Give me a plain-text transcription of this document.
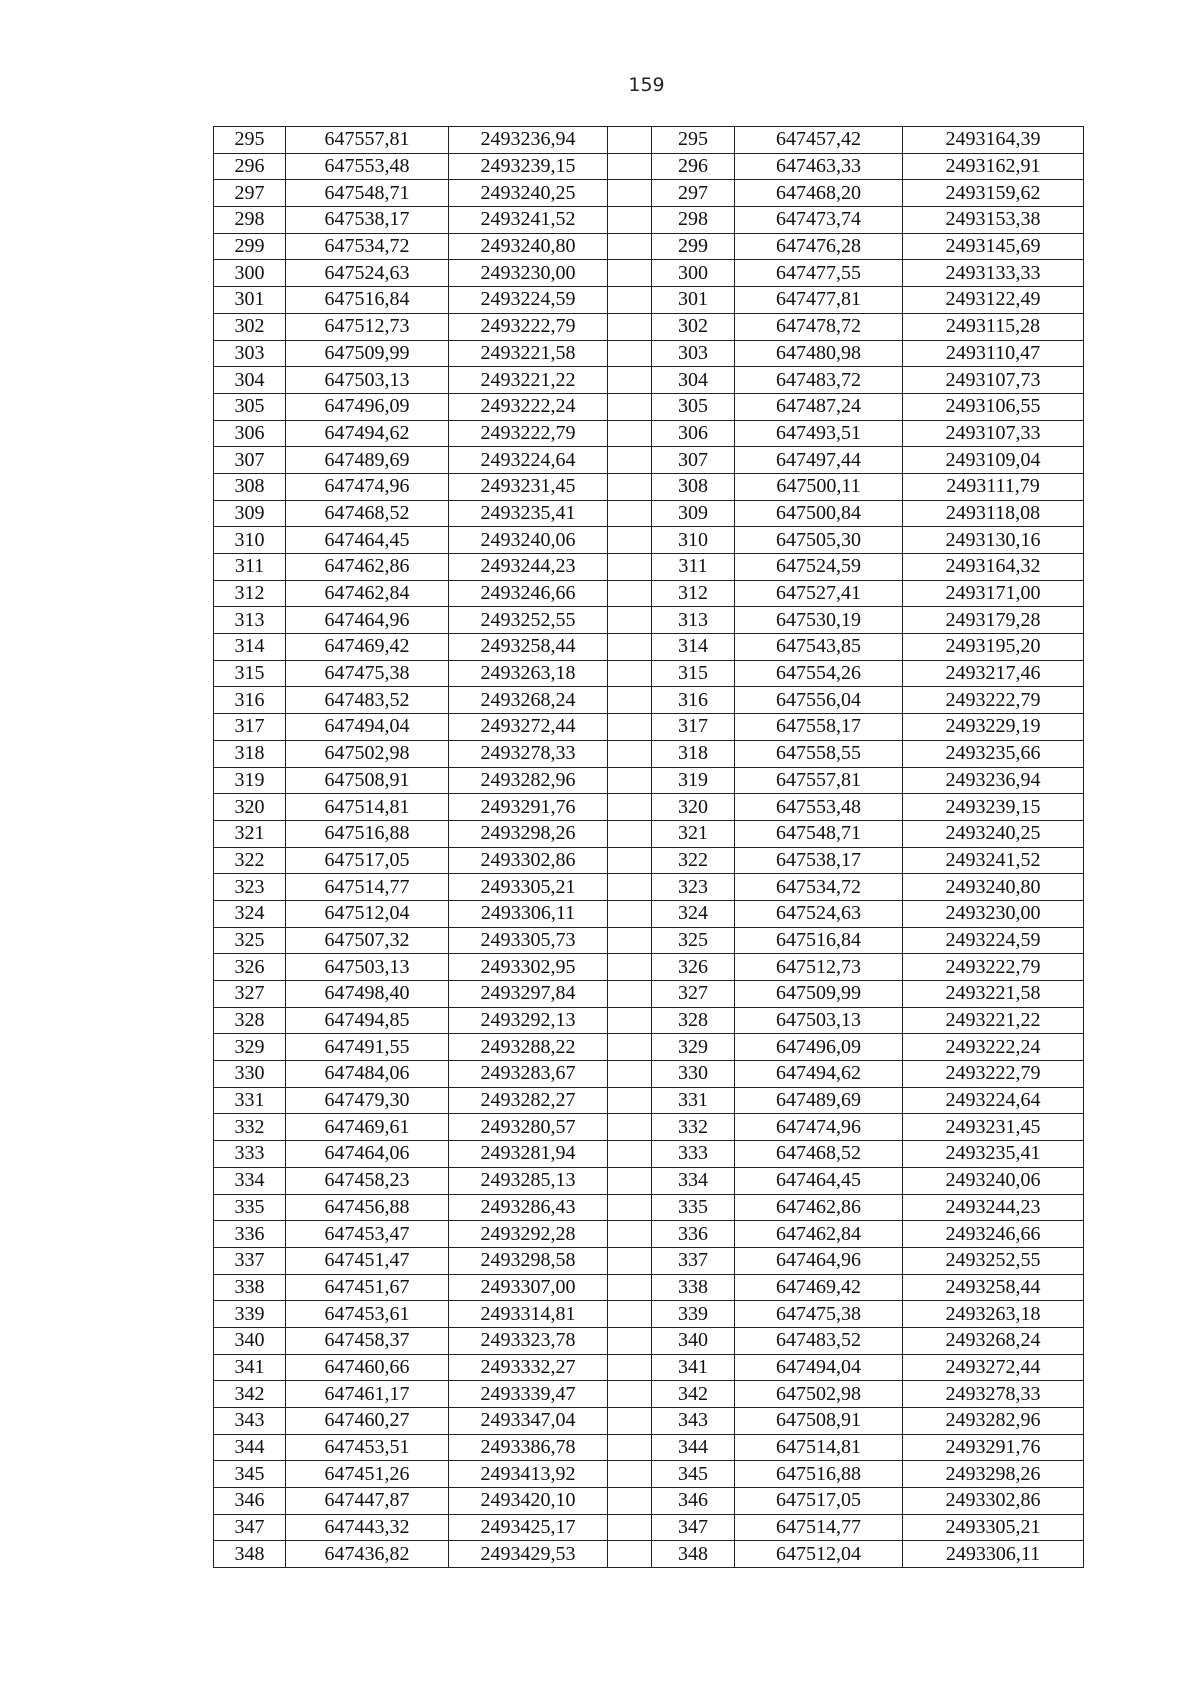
159
295	647557,81	2493236,94		295	647457,42	2493164,39
296	647553,48	2493239,15		296	647463,33	2493162,91
297	647548,71	2493240,25		297	647468,20	2493159,62
298	647538,17	2493241,52		298	647473,74	2493153,38
299	647534,72	2493240,80		299	647476,28	2493145,69
300	647524,63	2493230,00		300	647477,55	2493133,33
301	647516,84	2493224,59		301	647477,81	2493122,49
302	647512,73	2493222,79		302	647478,72	2493115,28
303	647509,99	2493221,58		303	647480,98	2493110,47
304	647503,13	2493221,22		304	647483,72	2493107,73
305	647496,09	2493222,24		305	647487,24	2493106,55
306	647494,62	2493222,79		306	647493,51	2493107,33
307	647489,69	2493224,64		307	647497,44	2493109,04
308	647474,96	2493231,45		308	647500,11	2493111,79
309	647468,52	2493235,41		309	647500,84	2493118,08
310	647464,45	2493240,06		310	647505,30	2493130,16
311	647462,86	2493244,23		311	647524,59	2493164,32
312	647462,84	2493246,66		312	647527,41	2493171,00
313	647464,96	2493252,55		313	647530,19	2493179,28
314	647469,42	2493258,44		314	647543,85	2493195,20
315	647475,38	2493263,18		315	647554,26	2493217,46
316	647483,52	2493268,24		316	647556,04	2493222,79
317	647494,04	2493272,44		317	647558,17	2493229,19
318	647502,98	2493278,33		318	647558,55	2493235,66
319	647508,91	2493282,96		319	647557,81	2493236,94
320	647514,81	2493291,76		320	647553,48	2493239,15
321	647516,88	2493298,26		321	647548,71	2493240,25
322	647517,05	2493302,86		322	647538,17	2493241,52
323	647514,77	2493305,21		323	647534,72	2493240,80
324	647512,04	2493306,11		324	647524,63	2493230,00
325	647507,32	2493305,73		325	647516,84	2493224,59
326	647503,13	2493302,95		326	647512,73	2493222,79
327	647498,40	2493297,84		327	647509,99	2493221,58
328	647494,85	2493292,13		328	647503,13	2493221,22
329	647491,55	2493288,22		329	647496,09	2493222,24
330	647484,06	2493283,67		330	647494,62	2493222,79
331	647479,30	2493282,27		331	647489,69	2493224,64
332	647469,61	2493280,57		332	647474,96	2493231,45
333	647464,06	2493281,94		333	647468,52	2493235,41
334	647458,23	2493285,13		334	647464,45	2493240,06
335	647456,88	2493286,43		335	647462,86	2493244,23
336	647453,47	2493292,28		336	647462,84	2493246,66
337	647451,47	2493298,58		337	647464,96	2493252,55
338	647451,67	2493307,00		338	647469,42	2493258,44
339	647453,61	2493314,81		339	647475,38	2493263,18
340	647458,37	2493323,78		340	647483,52	2493268,24
341	647460,66	2493332,27		341	647494,04	2493272,44
342	647461,17	2493339,47		342	647502,98	2493278,33
343	647460,27	2493347,04		343	647508,91	2493282,96
344	647453,51	2493386,78		344	647514,81	2493291,76
345	647451,26	2493413,92		345	647516,88	2493298,26
346	647447,87	2493420,10		346	647517,05	2493302,86
347	647443,32	2493425,17		347	647514,77	2493305,21
348	647436,82	2493429,53		348	647512,04	2493306,11
